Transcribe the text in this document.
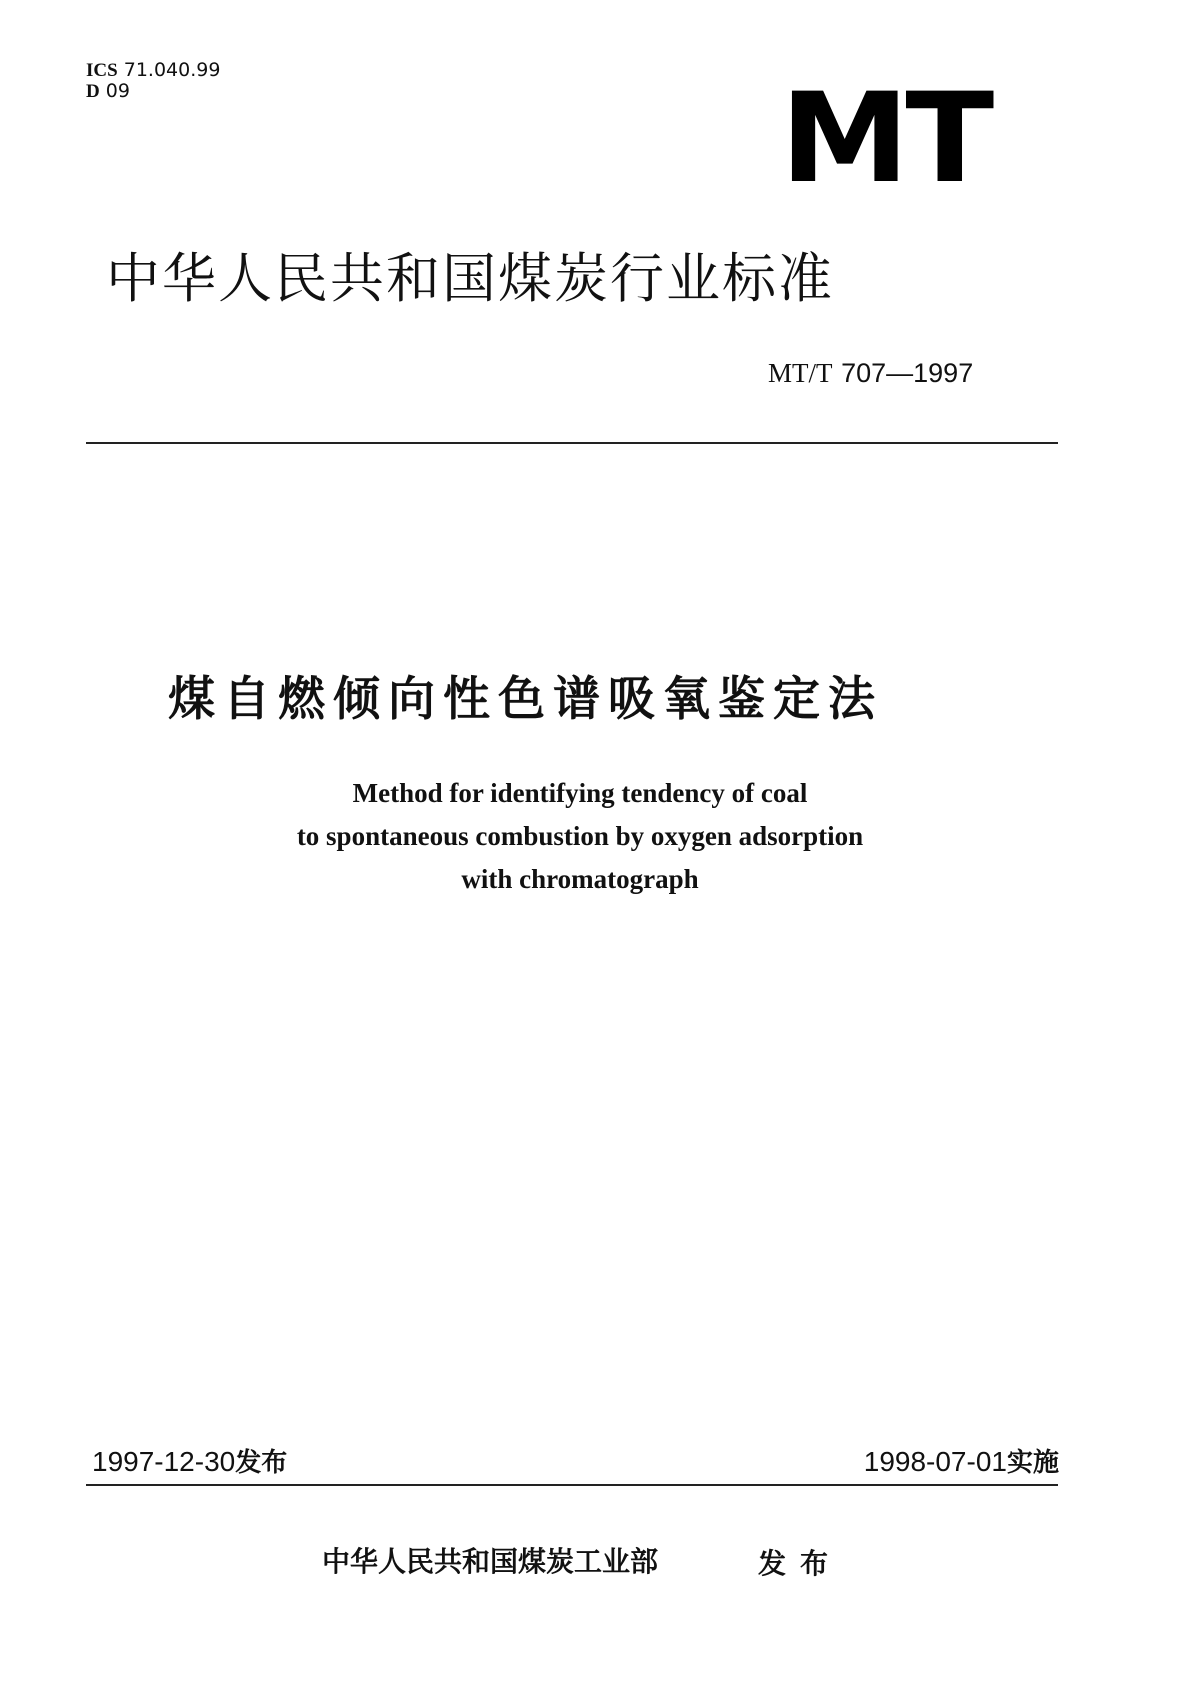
ICS 71.040.99
D 09	MT
中华人民共和国煤炭行业标准
MT/T 707—1997
煤自燃倾向性色谱吸氧鉴定法
Method for identifying tendency of coal
to spontaneous combustion by oxygen adsorption
with chromatograph
1997-12-30发布	1998-07-01实施
中华人民共和国煤炭工业部	发布
